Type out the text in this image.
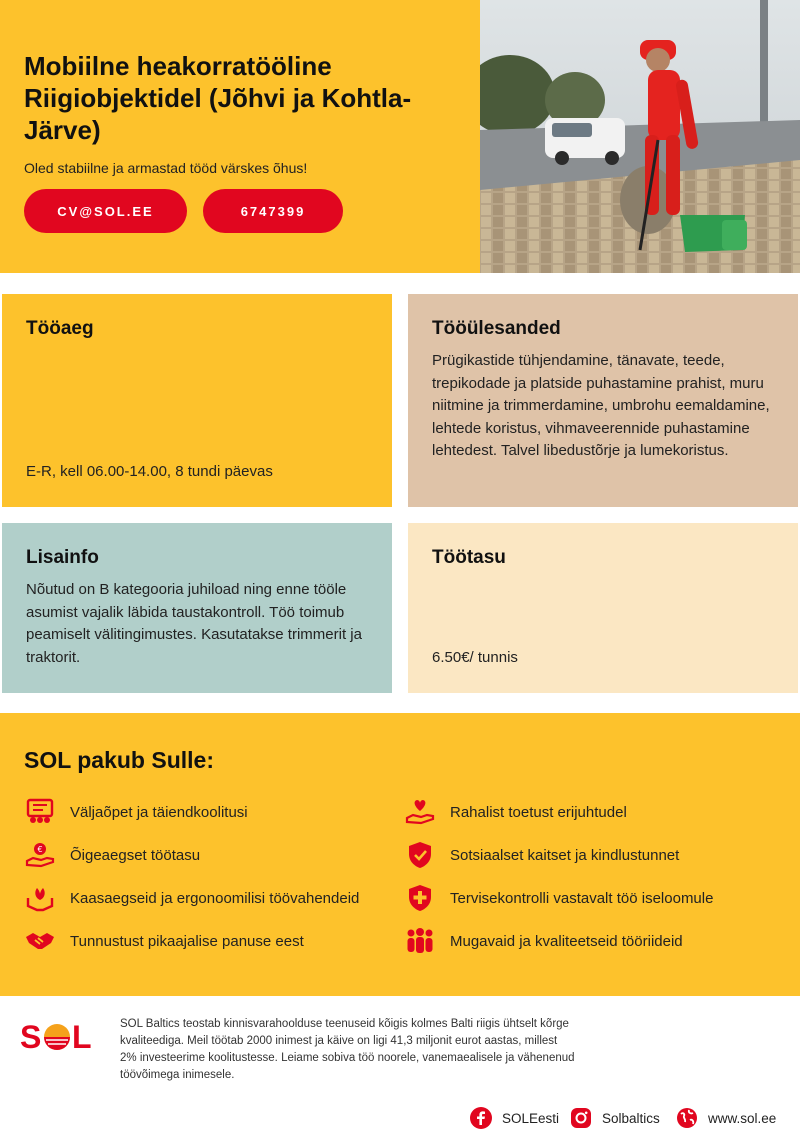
Mobiilne heakorratööline Riigiobjektidel (Jõhvi ja Kohtla-Järve)
Oled stabiilne ja armastad tööd värskes õhus!
CV@SOL.EE	6747399
Tööaeg

E-R, kell 06.00-14.00, 8 tundi päevas

Tööülesanded

Prügikastide tühjendamine, tänavate, teede, trepikodade ja platside puhastamine prahist, muru niitmine ja trimmerdamine, umbrohu eemaldamine, lehtede koristus, vihmaveerennide puhastamine lehtedest. Talvel libedustõrje ja lumekoristus.

Lisainfo

Nõutud on B kategooria juhiload ning enne tööle asumist vajalik läbida taustakontroll. Töö toimub peamiselt välitingimustes. Kasutatakse trimmerit ja traktorit.

Töötasu

6.50€/ tunnis

SOL pakub Sulle:
Väljaõpet ja täiendkoolitusi	Rahalist toetust erijuhtudel
€ Õigeaegset töötasu	Sotsiaalset kaitset ja kindlustunnet
Kaasaegseid ja ergonoomilisi töövahendeid	Tervisekontrolli vastavalt töö iseloomule
Tunnustust pikaajalise panuse eest	Mugavaid ja kvaliteetseid tööriideid
S L SOL Baltics teostab kinnisvarahoolduse teenuseid kõigis kolmes Balti riigis ühtselt kõrge kvaliteediga. Meil töötab 2000 inimest ja käive on ligi 41,3 miljonit eurot aastas, millest 2% investeerime koolitustesse. Leiame sobiva töö noorele, vanemaealisele ja vähenenud töövõimega inimesele.

SOLEesti	Solbaltics	www.sol.ee
